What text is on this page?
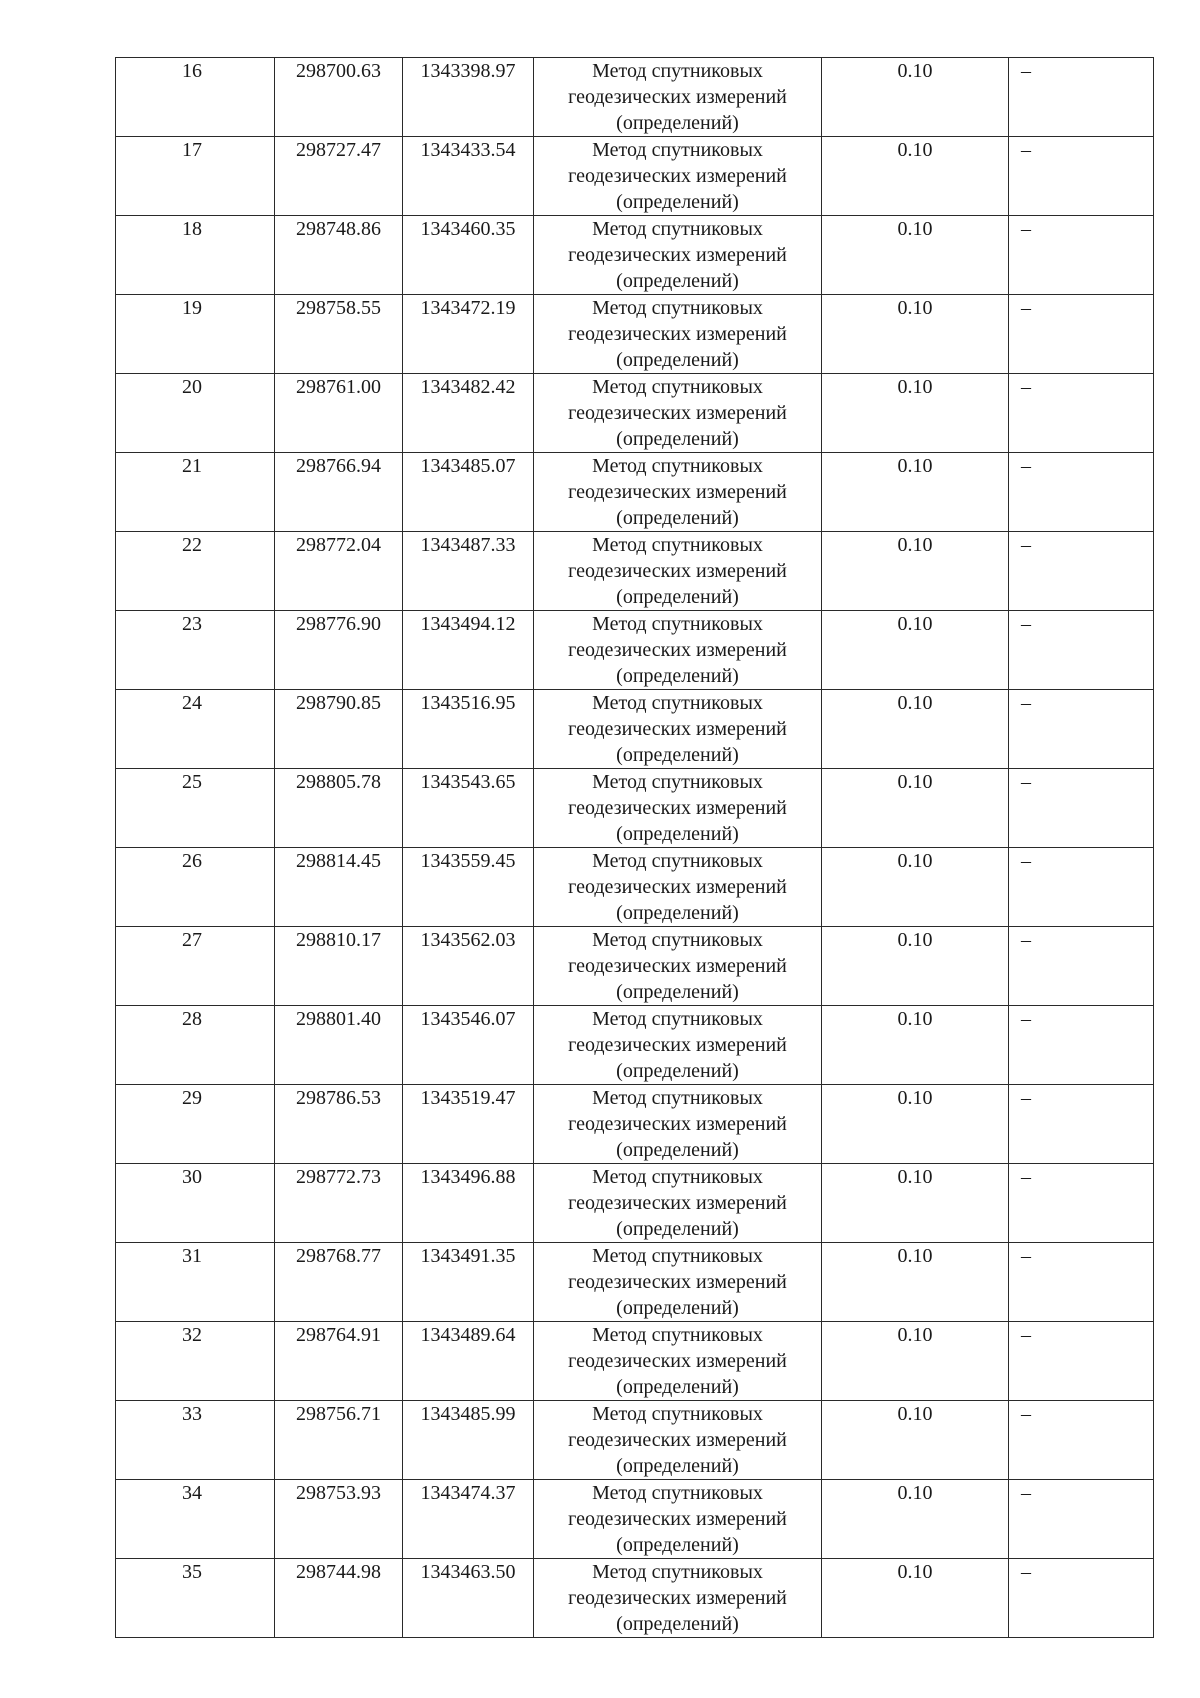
16	298700.63	1343398.97	Метод спутниковых
геодезических измерений
(определений)	0.10	–

17	298727.47	1343433.54	Метод спутниковых
геодезических измерений
(определений)	0.10	–

18	298748.86	1343460.35	Метод спутниковых
геодезических измерений
(определений)	0.10	–

19	298758.55	1343472.19	Метод спутниковых
геодезических измерений
(определений)	0.10	–

20	298761.00	1343482.42	Метод спутниковых
геодезических измерений
(определений)	0.10	–

21	298766.94	1343485.07	Метод спутниковых
геодезических измерений
(определений)	0.10	–

22	298772.04	1343487.33	Метод спутниковых
геодезических измерений
(определений)	0.10	–

23	298776.90	1343494.12	Метод спутниковых
геодезических измерений
(определений)	0.10	–

24	298790.85	1343516.95	Метод спутниковых
геодезических измерений
(определений)	0.10	–

25	298805.78	1343543.65	Метод спутниковых
геодезических измерений
(определений)	0.10	–

26	298814.45	1343559.45	Метод спутниковых
геодезических измерений
(определений)	0.10	–

27	298810.17	1343562.03	Метод спутниковых
геодезических измерений
(определений)	0.10	–

28	298801.40	1343546.07	Метод спутниковых
геодезических измерений
(определений)	0.10	–

29	298786.53	1343519.47	Метод спутниковых
геодезических измерений
(определений)	0.10	–

30	298772.73	1343496.88	Метод спутниковых
геодезических измерений
(определений)	0.10	–

31	298768.77	1343491.35	Метод спутниковых
геодезических измерений
(определений)	0.10	–

32	298764.91	1343489.64	Метод спутниковых
геодезических измерений
(определений)	0.10	–

33	298756.71	1343485.99	Метод спутниковых
геодезических измерений
(определений)	0.10	–

34	298753.93	1343474.37	Метод спутниковых
геодезических измерений
(определений)	0.10	–

35	298744.98	1343463.50	Метод спутниковых
геодезических измерений
(определений)	0.10	–
